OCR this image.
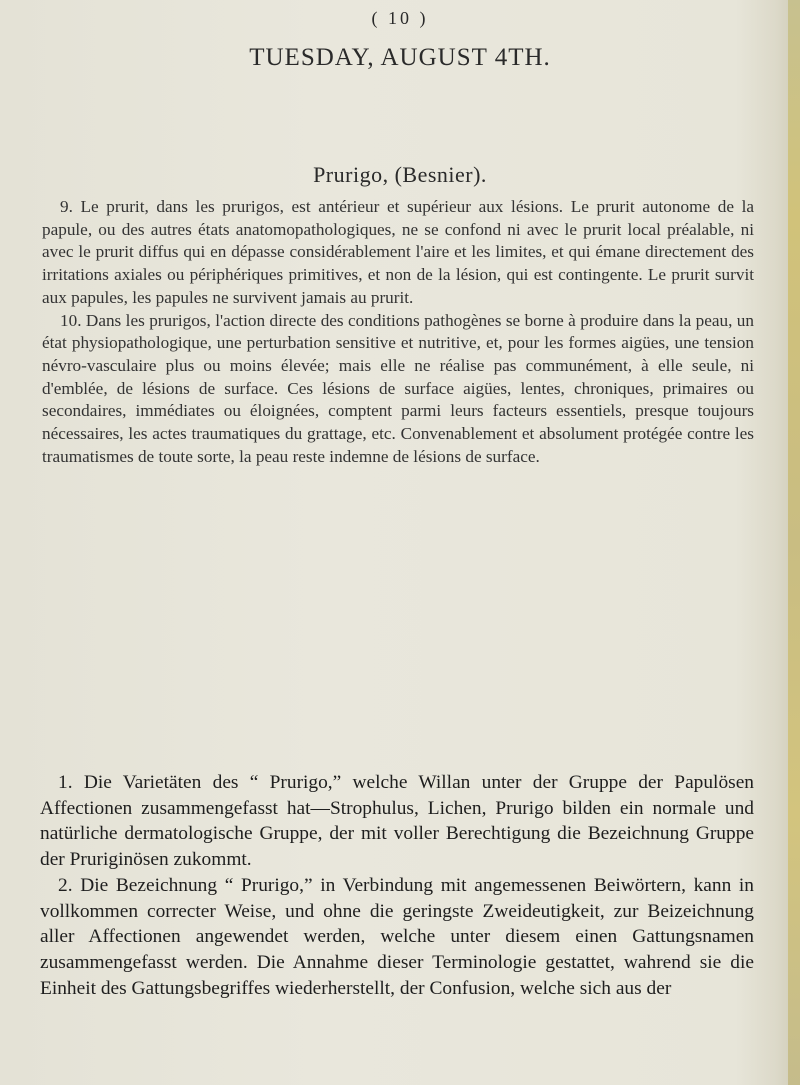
( 10 )
TUESDAY, AUGUST 4TH.
Prurigo, (Besnier).

9. Le prurit, dans les prurigos, est antérieur et supérieur aux lésions. Le prurit autonome de la papule, ou des autres états anatomopathologiques, ne se confond ni avec le prurit local préalable, ni avec le prurit diffus qui en dépasse considérablement l'aire et les limites, et qui émane directement des irritations axiales ou périphériques primitives, et non de la lésion, qui est contingente. Le prurit survit aux papules, les papules ne survivent jamais au prurit.

10. Dans les prurigos, l'action directe des conditions pathogènes se borne à produire dans la peau, un état physiopathologique, une perturbation sensitive et nutritive, et, pour les formes aigües, une tension névro-vasculaire plus ou moins élevée; mais elle ne réalise pas communément, à elle seule, ni d'emblée, de lésions de surface. Ces lésions de surface aigües, lentes, chroniques, primaires ou secondaires, immédiates ou éloignées, comptent parmi leurs facteurs essentiels, presque toujours nécessaires, les actes traumatiques du grattage, etc. Convenablement et absolument protégée contre les traumatismes de toute sorte, la peau reste indemne de lésions de surface.

1. Die Varietäten des “ Prurigo,” welche Willan unter der Gruppe der Papulösen Affectionen zusammengefasst hat—Strophulus, Lichen, Prurigo bilden ein normale und natürliche dermatologische Gruppe, der mit voller Berechtigung die Bezeichnung Gruppe der Pruriginösen zukommt.

2. Die Bezeichnung “ Prurigo,” in Verbindung mit angemessenen Beiwörtern, kann in vollkommen correcter Weise, und ohne die geringste Zweideutigkeit, zur Beizeichnung aller Affectionen angewendet werden, welche unter diesem einen Gattungsnamen zusammengefasst werden. Die Annahme dieser Terminologie gestattet, wahrend sie die Einheit des Gattungsbegriffes wiederherstellt, der Confusion, welche sich aus der
